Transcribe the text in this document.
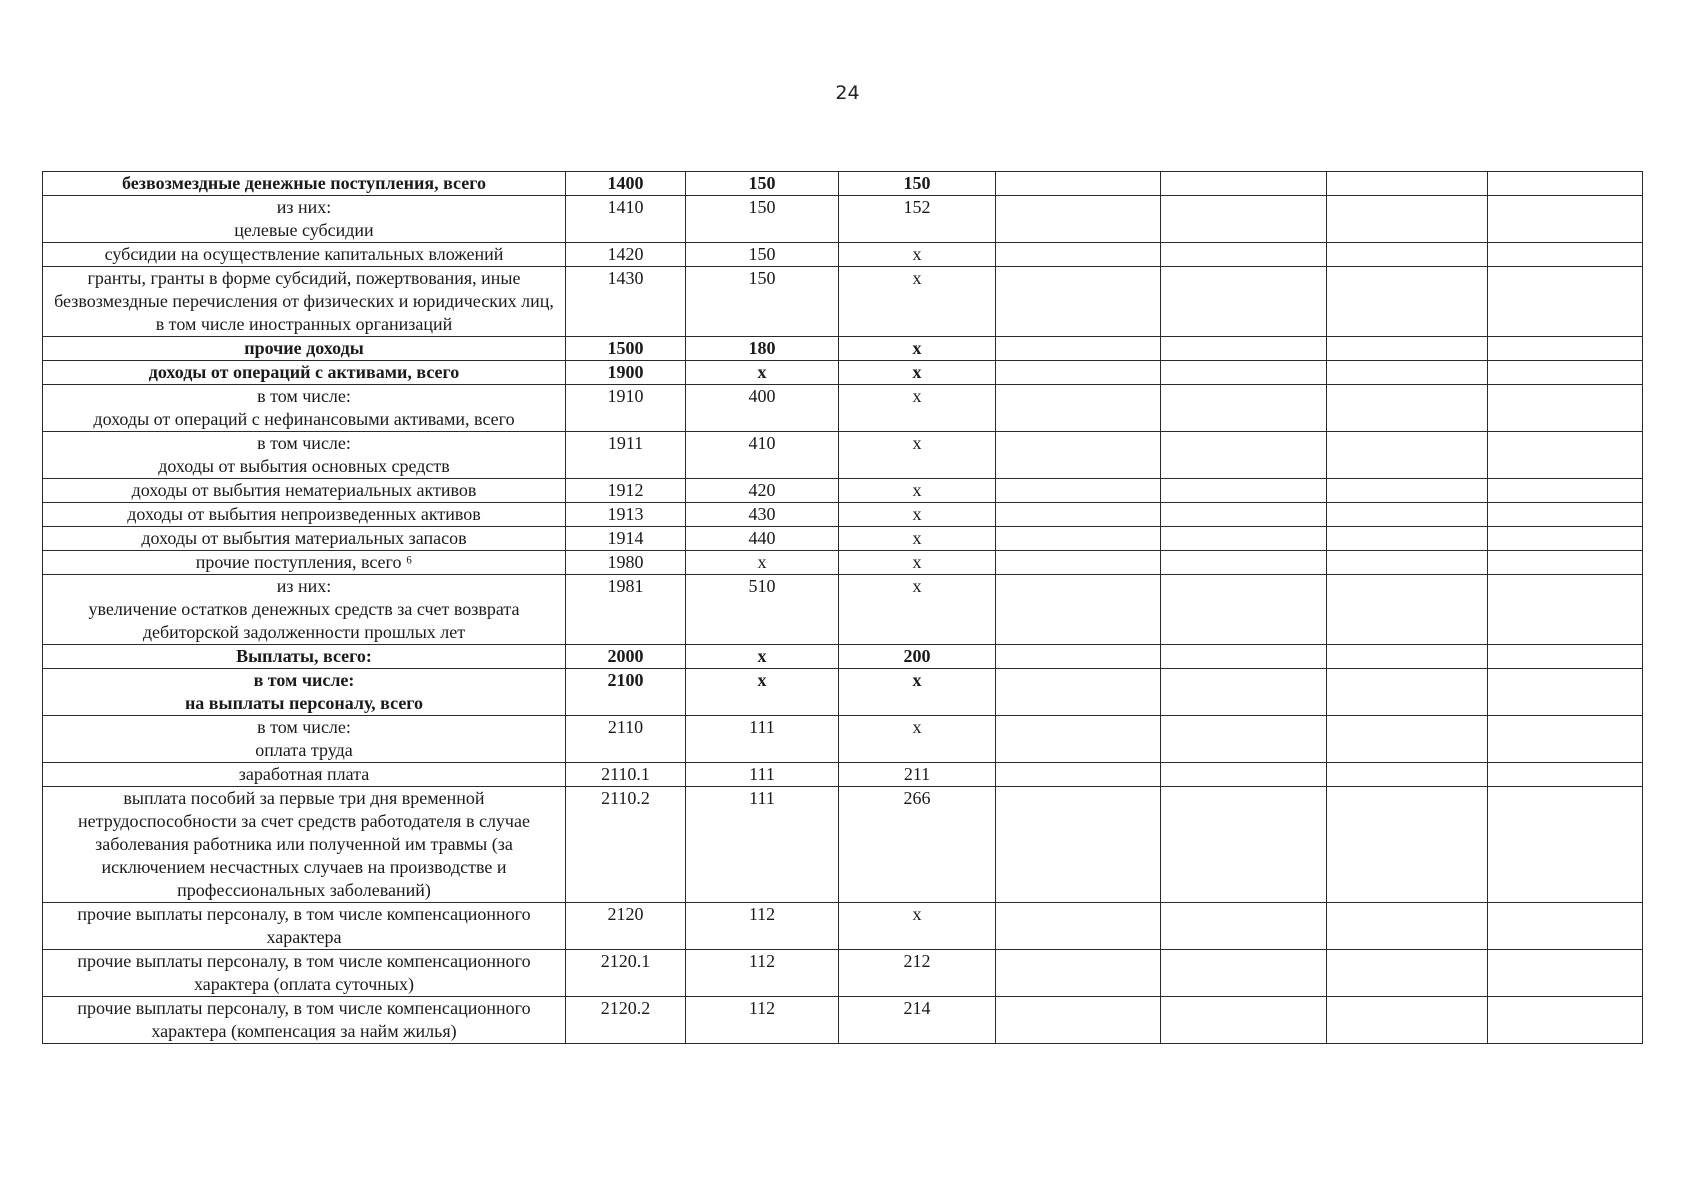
24
безвозмездные денежные поступления, всего	1400	150	150				
из них:
целевые субсидии	1410	150	152				
субсидии на осуществление капитальных вложений	1420	150	х				
гранты, гранты в форме субсидий, пожертвования, иные безвозмездные перечисления от физических и юридических лиц, в том числе иностранных организаций	1430	150	х				
прочие доходы	1500	180	х				
доходы от операций с активами, всего	1900	х	х				
в том числе:
доходы от операций с нефинансовыми активами, всего	1910	400	х				
в том числе:
доходы от выбытия основных средств	1911	410	х				
доходы от выбытия нематериальных активов	1912	420	х				
доходы от выбытия непроизведенных активов	1913	430	х				
доходы от выбытия материальных запасов	1914	440	х				
прочие поступления, всего ⁶	1980	х	х				
из них:
увеличение остатков денежных средств за счет возврата дебиторской задолженности прошлых лет	1981	510	х				
Выплаты, всего:	2000	х	200				
в том числе:
на выплаты персоналу, всего	2100	х	х				
в том числе:
оплата труда	2110	111	х				
заработная плата	2110.1	111	211				
выплата пособий за первые три дня временной нетрудоспособности за счет средств работодателя в случае заболевания работника или полученной им травмы (за исключением несчастных случаев на производстве и профессиональных заболеваний)	2110.2	111	266				
прочие выплаты персоналу, в том числе компенсационного характера	2120	112	х				
прочие выплаты персоналу, в том числе компенсационного характера (оплата суточных)	2120.1	112	212				
прочие выплаты персоналу, в том числе компенсационного характера (компенсация за найм жилья)	2120.2	112	214				
